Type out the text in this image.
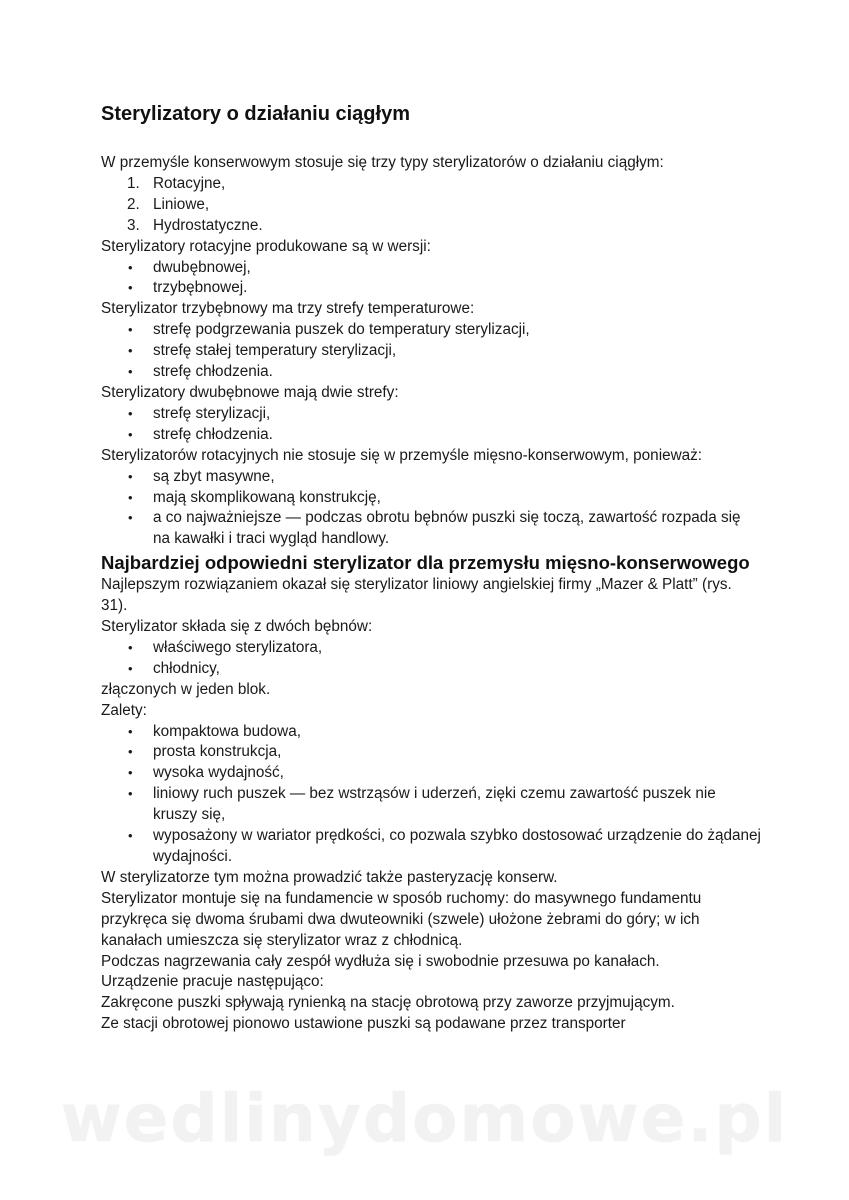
Sterylizatory o działaniu ciągłym

W przemyśle konserwowym stosuje się trzy typy sterylizatorów o działaniu ciągłym:

1. Rotacyjne,
2. Liniowe,
3. Hydrostatyczne.

Sterylizatory rotacyjne produkowane są w wersji:

• dwubębnowej,
• trzybębnowej.

Sterylizator trzybębnowy ma trzy strefy temperaturowe:

• strefę podgrzewania puszek do temperatury sterylizacji,
• strefę stałej temperatury sterylizacji,
• strefę chłodzenia.

Sterylizatory dwubębnowe mają dwie strefy:

• strefę sterylizacji,
• strefę chłodzenia.

Sterylizatorów rotacyjnych nie stosuje się w przemyśle mięsno-konserwowym, ponieważ:

• są zbyt masywne,
• mają skomplikowaną konstrukcję,
• a co najważniejsze — podczas obrotu bębnów puszki się toczą, zawartość rozpada się na kawałki i traci wygląd handlowy.
Najbardziej odpowiedni sterylizator dla przemysłu mięsno-konserwowego

Najlepszym rozwiązaniem okazał się sterylizator liniowy angielskiej firmy „Mazer & Platt” (rys. 31).

Sterylizator składa się z dwóch bębnów:

• właściwego sterylizatora,
• chłodnicy,

złączonych w jeden blok.

Zalety:

• kompaktowa budowa,
• prosta konstrukcja,
• wysoka wydajność,
• liniowy ruch puszek — bez wstrząsów i uderzeń, zięki czemu zawartość puszek nie kruszy się,
• wyposażony w wariator prędkości, co pozwala szybko dostosować urządzenie do żądanej wydajności.

W sterylizatorze tym można prowadzić także pasteryzację konserw.

Sterylizator montuje się na fundamencie w sposób ruchomy: do masywnego fundamentu przykręca się dwoma śrubami dwa dwuteowniki (szwele) ułożone żebrami do góry; w ich kanałach umieszcza się sterylizator wraz z chłodnicą.

Podczas nagrzewania cały zespół wydłuża się i swobodnie przesuwa po kanałach.

Urządzenie pracuje następująco:

Zakręcone puszki spływają rynienką na stację obrotową przy zaworze przyjmującym.

Ze stacji obrotowej pionowo ustawione puszki są podawane przez transporter

wedlinydomowe.pl
